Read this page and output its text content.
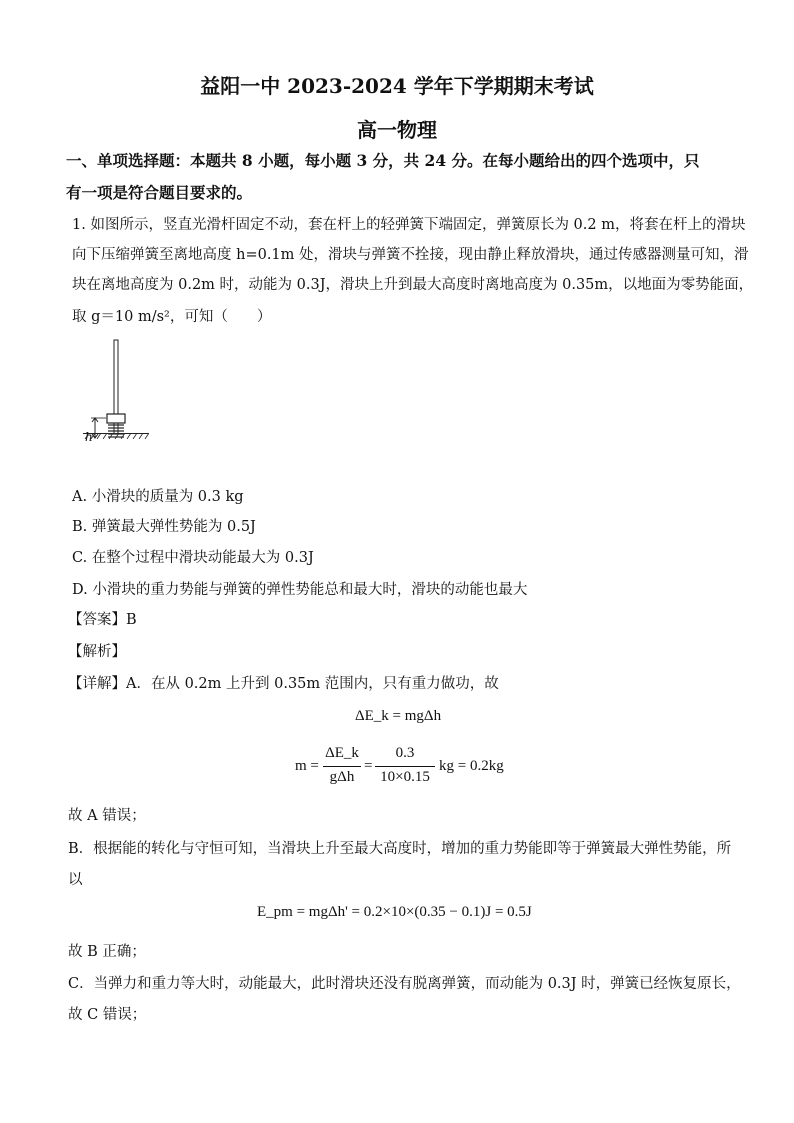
益阳一中 2023-2024 学年下学期期末考试
高一物理
一、单项选择题：本题共 8 小题，每小题 3 分，共 24 分。在每小题给出的四个选项中，只
有一项是符合题目要求的。
1. 如图所示，竖直光滑杆固定不动，套在杆上的轻弹簧下端固定，弹簧原长为 0.2 m，将套在杆上的滑块
向下压缩弹簧至离地高度 h=0.1m 处，滑块与弹簧不拴接，现由静止释放滑块，通过传感器测量可知，滑
块在离地高度为 0.2m 时，动能为 0.3J，滑块上升到最大高度时离地高度为 0.35m，以地面为零势能面，
取 g＝10 m/s²，可知（　　）
h
A. 小滑块的质量为 0.3 kg
B. 弹簧最大弹性势能为 0.5J
C. 在整个过程中滑块动能最大为 0.3J
D. 小滑块的重力势能与弹簧的弹性势能总和最大时，滑块的动能也最大
【答案】B
【解析】
【详解】A．在从 0.2m 上升到 0.35m 范围内，只有重力做功，故
ΔE_k = mgΔh
m =
ΔE_k
gΔh
=
0.3
10×0.15
kg = 0.2kg
故 A 错误；
B．根据能的转化与守恒可知，当滑块上升至最大高度时，增加的重力势能即等于弹簧最大弹性势能，所
以
E_pm = mgΔh' = 0.2×10×(0.35 − 0.1)J = 0.5J
故 B 正确；
C．当弹力和重力等大时，动能最大，此时滑块还没有脱离弹簧，而动能为 0.3J 时，弹簧已经恢复原长，
故 C 错误；
